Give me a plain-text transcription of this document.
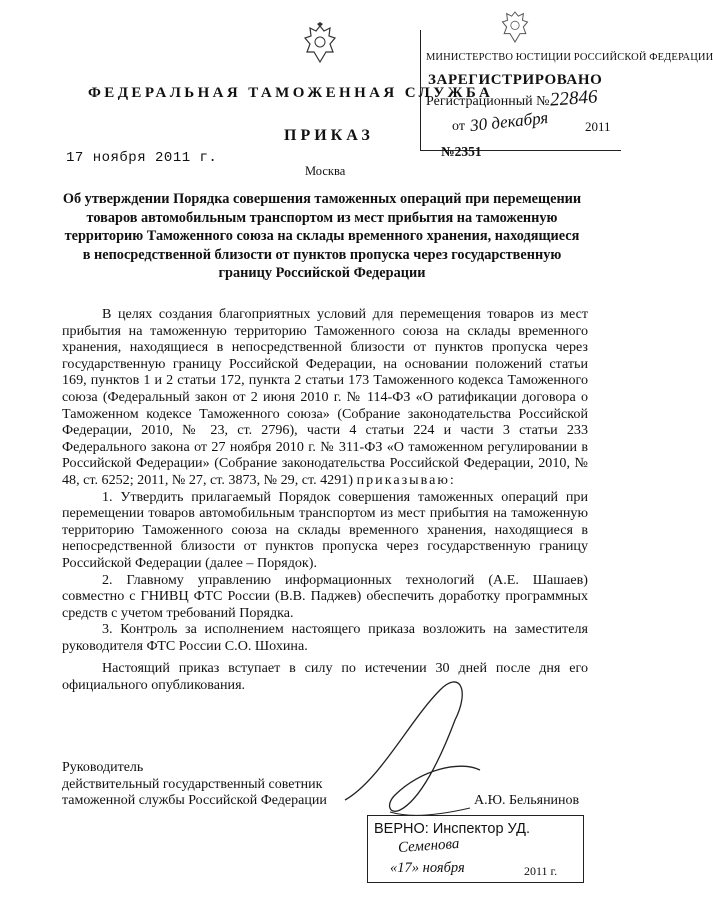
МИНИСТЕРСТВО ЮСТИЦИИ РОССИЙСКОЙ ФЕДЕРАЦИИ
ЗАРЕГИСТРИРОВАНО
Регистрационный № 22846
от 30 декабря	2011
ФЕДЕРАЛЬНАЯ ТАМОЖЕННАЯ СЛУЖБА
ПРИКАЗ
17 ноября 2011 г.	№2351
Москва
Об утверждении Порядка совершения таможенных операций при перемещении товаров автомобильным транспортом из мест прибытия на таможенную территорию Таможенного союза на склады временного хранения, находящиеся в непосредственной близости от пунктов пропуска через государственную границу Российской Федерации

В целях создания благоприятных условий для перемещения товаров из мест прибытия на таможенную территорию Таможенного союза на склады временного хранения, находящиеся в непосредственной близости от пунктов пропуска через государственную границу Российской Федерации, на основании положений статьи 169, пунктов 1 и 2 статьи 172, пункта 2 статьи 173 Таможенного кодекса Таможенного союза (Федеральный закон от 2 июня 2010 г. № 114-ФЗ «О ратификации договора о Таможенном кодексе Таможенного союза» (Собрание законодательства Российской Федерации, 2010, № 23, ст. 2796), части 4 статьи 224 и части 3 статьи 233 Федерального закона от 27 ноября 2010 г. № 311-ФЗ «О таможенном регулировании в Российской Федерации» (Собрание законодательства Российской Федерации, 2010, № 48, ст. 6252; 2011, № 27, ст. 3873, № 29, ст. 4291) приказываю:

1. Утвердить прилагаемый Порядок совершения таможенных операций при перемещении товаров автомобильным транспортом из мест прибытия на таможенную территорию Таможенного союза на склады временного хранения, находящиеся в непосредственной близости от пунктов пропуска через государственную границу Российской Федерации (далее – Порядок).

2. Главному управлению информационных технологий (А.Е. Шашаев) совместно с ГНИВЦ ФТС России (В.В. Паджев) обеспечить доработку программных средств с учетом требований Порядка.

3. Контроль за исполнением настоящего приказа возложить на заместителя руководителя ФТС России С.О. Шохина.

Настоящий приказ вступает в силу по истечении 30 дней после дня его официального опубликования.

Руководитель
действительный государственный советник
таможенной службы Российской Федерации	А.Ю. Бельянинов
ВЕРНО: Инспектор УД.
Семенова
«17» ноября	2011 г.
